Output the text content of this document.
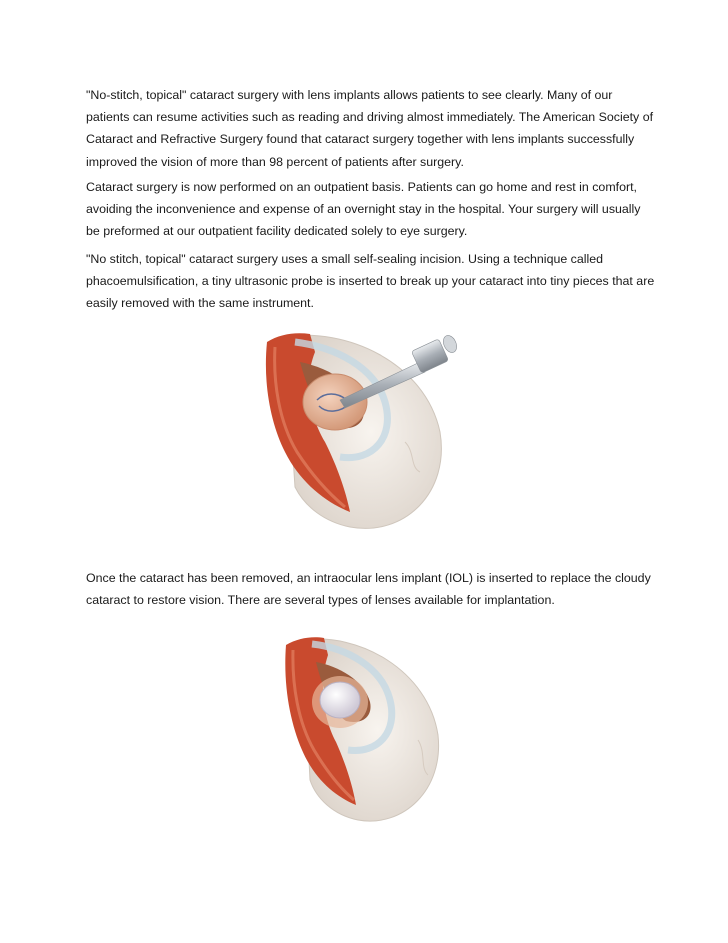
"No-stitch, topical" cataract surgery with lens implants allows patients to see clearly. Many of our patients can resume activities such as reading and driving almost immediately. The American Society of Cataract and Refractive Surgery found that cataract surgery together with lens implants successfully improved the vision of more than 98 percent of patients after surgery.

Cataract surgery is now performed on an outpatient basis. Patients can go home and rest in comfort, avoiding the inconvenience and expense of an overnight stay in the hospital. Your surgery will usually be preformed at our outpatient facility dedicated solely to eye surgery.

"No stitch, topical" cataract surgery uses a small self-sealing incision. Using a technique called phacoemulsification, a tiny ultrasonic probe is inserted to break up your cataract into tiny pieces that are easily removed with the same instrument.

Once the cataract has been removed, an intraocular lens implant (IOL) is inserted to replace the cloudy cataract to restore vision. There are several types of lenses available for implantation.
